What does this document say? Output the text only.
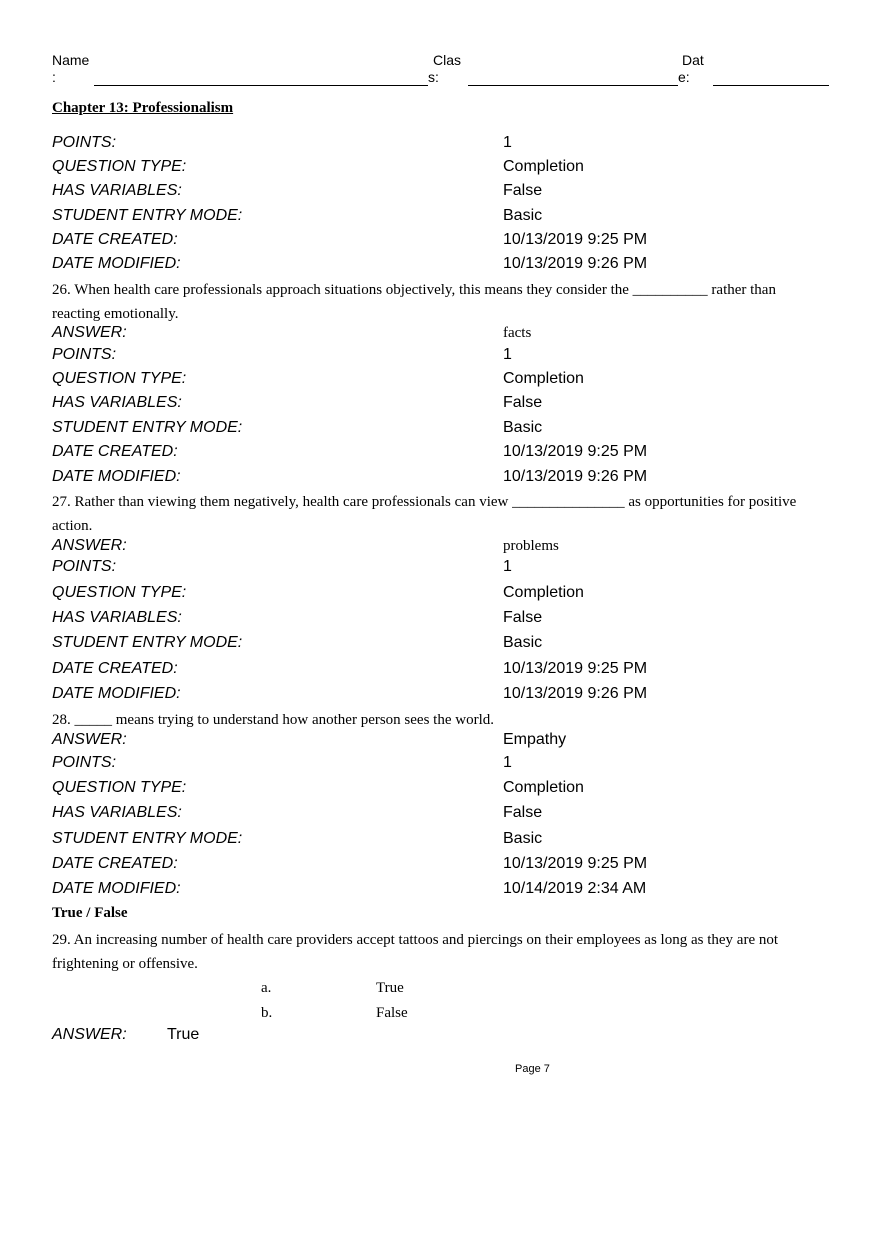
Name
:
Clas
s:
Dat
e:
Chapter 13: Professionalism
POINTS:	1
QUESTION TYPE:	Completion
HAS VARIABLES:	False
STUDENT ENTRY MODE:	Basic
DATE CREATED:	10/13/2019 9:25 PM
DATE MODIFIED:	10/13/2019 9:26 PM
26. When health care professionals approach situations objectively, this means they consider the __________ rather than reacting emotionally.
ANSWER:	facts
POINTS:	1
QUESTION TYPE:	Completion
HAS VARIABLES:	False
STUDENT ENTRY MODE:	Basic
DATE CREATED:	10/13/2019 9:25 PM
DATE MODIFIED:	10/13/2019 9:26 PM
27. Rather than viewing them negatively, health care professionals can view _______________ as opportunities for positive action.
ANSWER:	problems
POINTS:	1
QUESTION TYPE:	Completion
HAS VARIABLES:	False
STUDENT ENTRY MODE:	Basic
DATE CREATED:	10/13/2019 9:25 PM
DATE MODIFIED:	10/13/2019 9:26 PM
28. _____ means trying to understand how another person sees the world.
ANSWER:	Empathy
POINTS:	1
QUESTION TYPE:	Completion
HAS VARIABLES:	False
STUDENT ENTRY MODE:	Basic
DATE CREATED:	10/13/2019 9:25 PM
DATE MODIFIED:	10/14/2019 2:34 AM
True / False
29. An increasing number of health care providers accept tattoos and piercings on their employees as long as they are not frightening or offensive.
a.	True
b.	False
ANSWER:	True
Page 7
